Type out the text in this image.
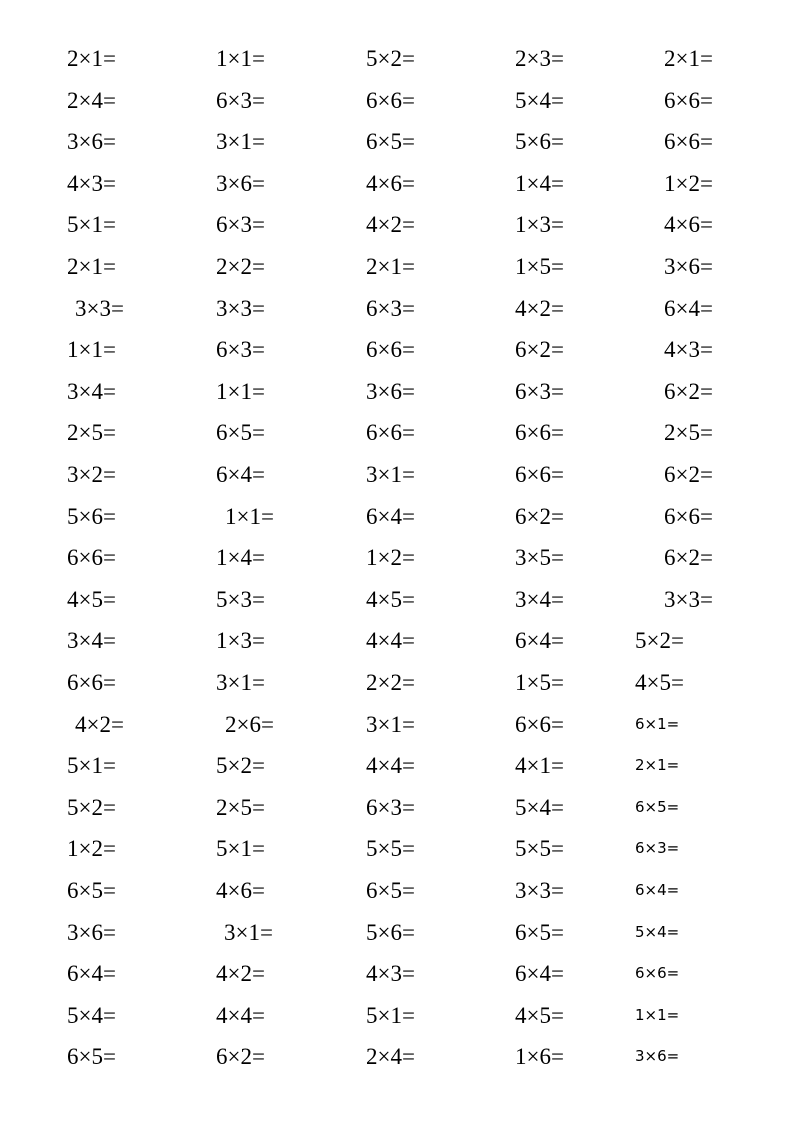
2×1=
2×4=
3×6=
4×3=
5×1=
2×1=
3×3=
1×1=
3×4=
2×5=
3×2=
5×6=
6×6=
4×5=
3×4=
6×6=
4×2=
5×1=
5×2=
1×2=
6×5=
3×6=
6×4=
5×4=
6×5=
1×1=
6×3=
3×1=
3×6=
6×3=
2×2=
3×3=
6×3=
1×1=
6×5=
6×4=
1×1=
1×4=
5×3=
1×3=
3×1=
2×6=
5×2=
2×5=
5×1=
4×6=
3×1=
4×2=
4×4=
6×2=
5×2=
6×6=
6×5=
4×6=
4×2=
2×1=
6×3=
6×6=
3×6=
6×6=
3×1=
6×4=
1×2=
4×5=
4×4=
2×2=
3×1=
4×4=
6×3=
5×5=
6×5=
5×6=
4×3=
5×1=
2×4=
2×3=
5×4=
5×6=
1×4=
1×3=
1×5=
4×2=
6×2=
6×3=
6×6=
6×6=
6×2=
3×5=
3×4=
6×4=
1×5=
6×6=
4×1=
5×4=
5×5=
3×3=
6×5=
6×4=
4×5=
1×6=
2×1=
6×6=
6×6=
1×2=
4×6=
3×6=
6×4=
4×3=
6×2=
2×5=
6×2=
6×6=
6×2=
3×3=
5×2=
4×5=
6×1=
2×1=
6×5=
6×3=
6×4=
5×4=
6×6=
1×1=
3×6=
